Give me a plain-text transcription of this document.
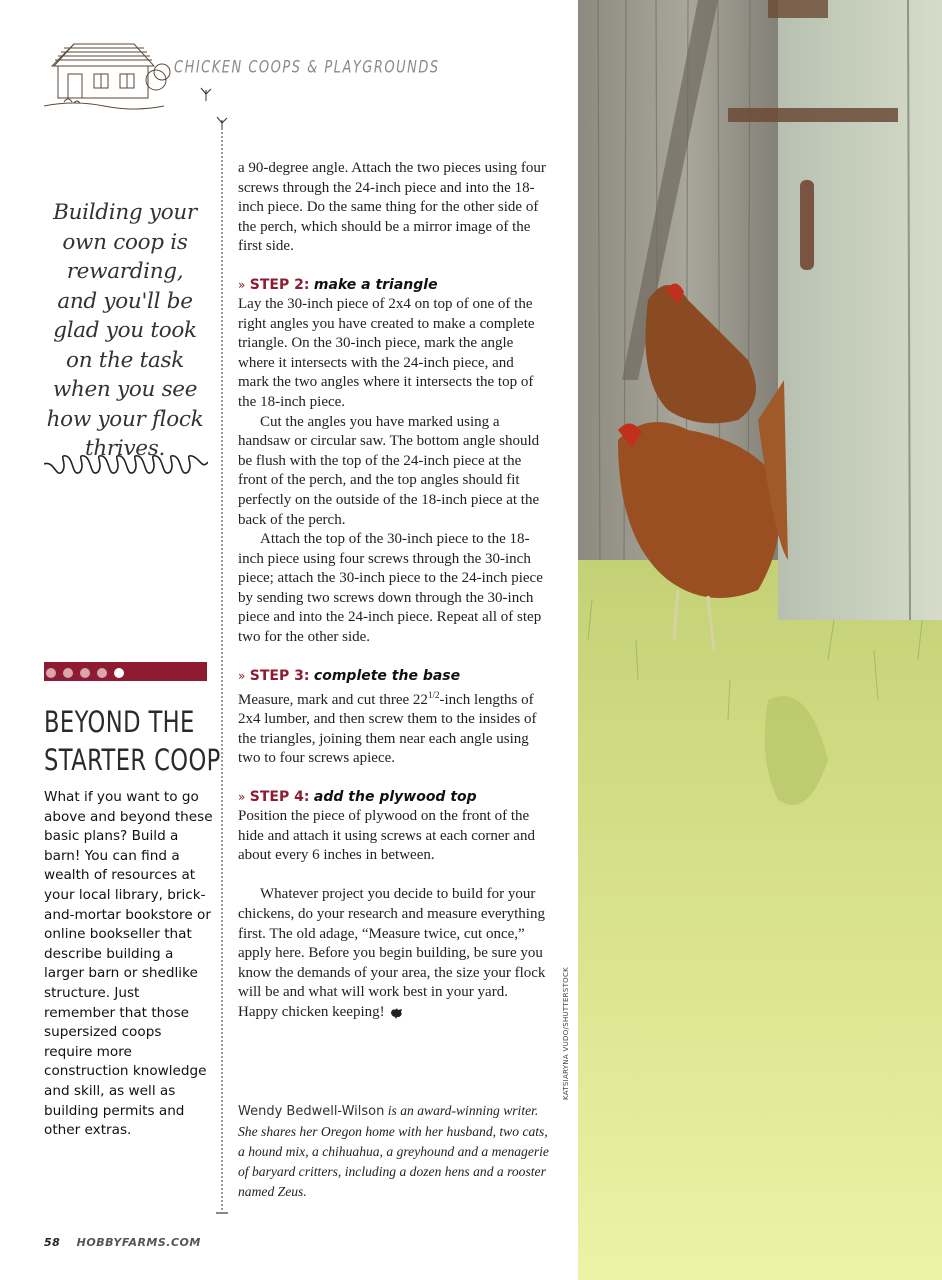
CHICKEN COOPS & PLAYGROUNDS
Building your own coop is rewarding, and you'll be glad you took on the task when you see how your flock thrives.
BEYOND THE
STARTER COOP
What if you want to go above and beyond these basic plans? Build a barn! You can find a wealth of resources at your local library, brick-and-mortar bookstore or online bookseller that describe building a larger barn or shedlike structure. Just remember that those supersized coops require more construction knowledge and skill, as well as building permits and other extras.

a 90-degree angle. Attach the two pieces using four screws through the 24-inch piece and into the 18-inch piece. Do the same thing for the other side of the perch, which should be a mirror image of the first side.

» STEP 2: make a triangle

Lay the 30-inch piece of 2x4 on top of one of the right angles you have created to make a complete triangle. On the 30-inch piece, mark the angle where it intersects with the 24-inch piece, and mark the two angles where it intersects the top of the 18-inch piece.

Cut the angles you have marked using a handsaw or circular saw. The bottom angle should be flush with the top of the 24-inch piece at the front of the perch, and the top angles should fit perfectly on the outside of the 18-inch piece at the back of the perch.

Attach the top of the 30-inch piece to the 18-inch piece using four screws through the 30-inch piece; attach the 30-inch piece to the 24-inch piece by sending two screws down through the 30-inch piece and into the 24-inch piece. Repeat all of step two for the other side.

» STEP 3: complete the base

Measure, mark and cut three $22^{1/2}$-inch lengths of 2x4 lumber, and then screw them to the insides of the triangles, joining them near each angle using two to four screws apiece.

» STEP 4: add the plywood top

Position the piece of plywood on the front of the hide and attach it using screws at each corner and about every 6 inches in between.

Whatever project you decide to build for your chickens, do your research and measure everything first. The old adage, “Measure twice, cut once,” apply here. Before you begin building, be sure you know the demands of your area, the size your flock will be and what will work best in your yard. Happy chicken keeping!

Wendy Bedwell-Wilson is an award-winning writer. She shares her Oregon home with her husband, two cats, a hound mix, a chihuahua, a greyhound and a menagerie of baryard critters, including a dozen hens and a rooster named Zeus.
KATSIARYNA VUDO/SHUTTERSTOCK
58 HOBBYFARMS.COM
